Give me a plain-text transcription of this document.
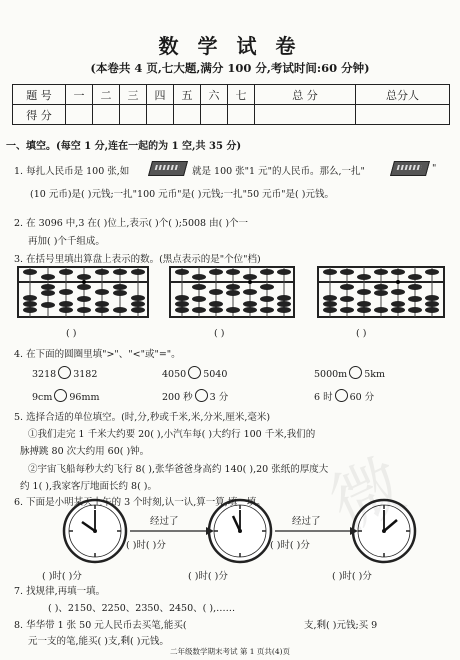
数 学 试 卷
(本卷共 4 页,七大题,满分 100 分,考试时间:60 分钟)
题 号	一	二	三	四	五	六	七	总 分	总分人
得 分									
一、填空。(每空 1 分,连在一起的为 1 空,共 35 分)
1. 每扎人民币是 100 张,如	就是 100 张"1 元"的人民币。那么,一扎"	"
(10 元币)是( )元钱;一扎"100 元币"是( )元钱;一扎"50 元币"是( )元钱。
2. 在 3096 中,3 在( )位上,表示( )个( );5008 由( )个一
再加( )个千组成。
3. 在括号里填出算盘上表示的数。(黑点表示的是"个位"档)
( )	( )	( )
4. 在下面的圆圈里填">"、"<"或"="。
3218 3182	4050 5040	5000m 5km
9cm 96mm	200 秒 3 分	6 时 60 分
5. 选择合适的单位填空。(时,分,秒或千米,米,分米,厘米,毫米)
①我们走完 1 千米大约要 20( ),小汽车每( )大约行 100 千米,我们的
脉搏跳 80 次大约用 60( )钟。
②宇宙飞船每秒大约飞行 8( ),张华爸爸身高约 140( ),20 张纸的厚度大
约 1( ),我家客厅地面长约 8( )。
6. 下面是小明某天上午的 3 个时刻,认一认,算一算,填一填。
经过了	经过了
( )时( )分	( )时( )分
( )时( )分	( )时( )分	( )时( )分
7. 找规律,再填一填。
( )、2150、2250、2350、2450、( ),……
8. 华华带 1 张 50 元人民币去买笔,能买(	支,剩( )元钱;买 9
元一支的笔,能买( )支,剩( )元钱。
微
二年级数学期末考试 第 1 页共(4)页
